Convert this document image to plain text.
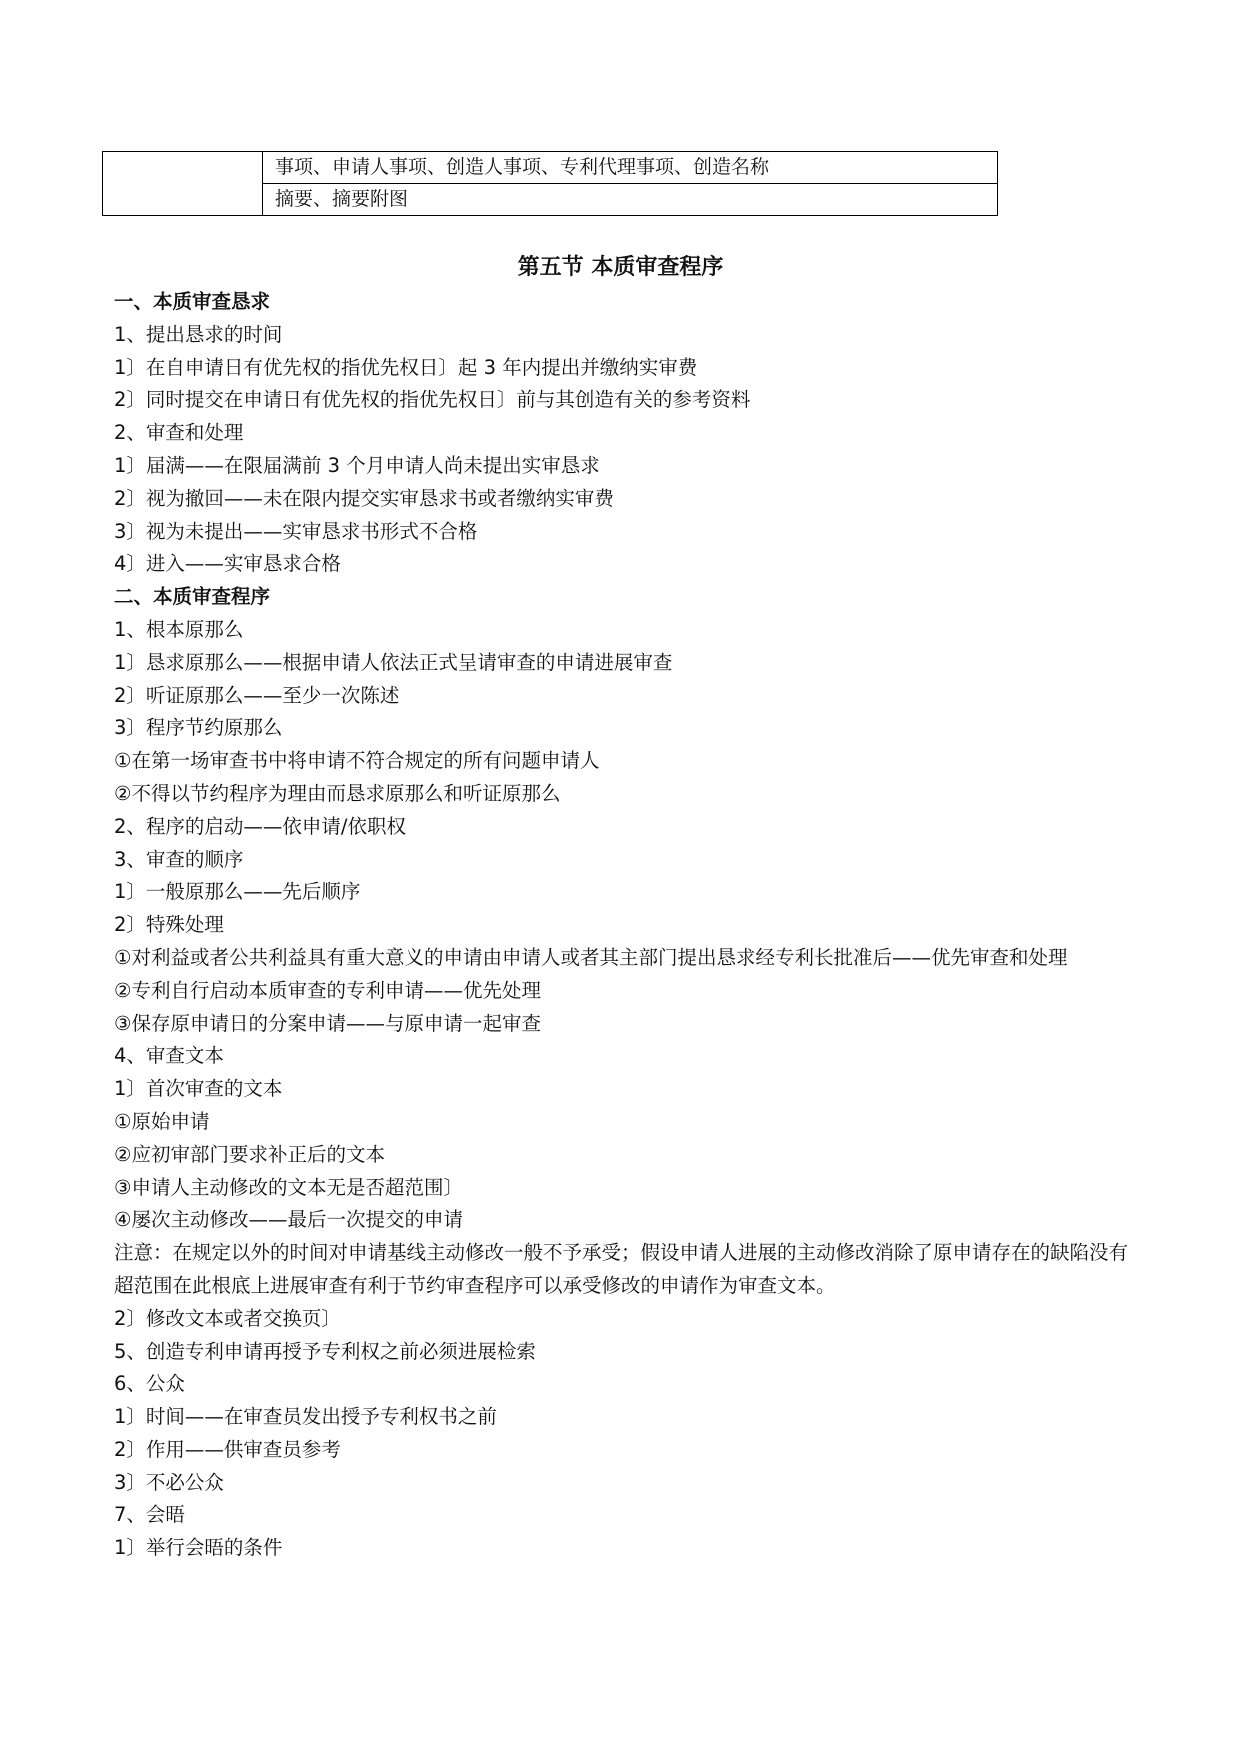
	事项、申请人事项、创造人事项、专利代理事项、创造名称
摘要、摘要附图
第五节 本质审查程序

一、本质审查恳求

1、提出恳求的时间

1〕在自申请日有优先权的指优先权日〕起 3 年内提出并缴纳实审费

2〕同时提交在申请日有优先权的指优先权日〕前与其创造有关的参考资料

2、审查和处理

1〕届满——在限届满前 3 个月申请人尚未提出实审恳求

2〕视为撤回——未在限内提交实审恳求书或者缴纳实审费

3〕视为未提出——实审恳求书形式不合格

4〕进入——实审恳求合格

二、本质审查程序

1、根本原那么

1〕恳求原那么——根据申请人依法正式呈请审查的申请进展审查

2〕听证原那么——至少一次陈述

3〕程序节约原那么

①在第一场审查书中将申请不符合规定的所有问题申请人

②不得以节约程序为理由而恳求原那么和听证原那么

2、程序的启动——依申请/依职权

3、审查的顺序

1〕一般原那么——先后顺序

2〕特殊处理

①对利益或者公共利益具有重大意义的申请由申请人或者其主部门提出恳求经专利长批准后——优先审查和处理

②专利自行启动本质审查的专利申请——优先处理

③保存原申请日的分案申请——与原申请一起审查

4、审查文本

1〕首次审查的文本

①原始申请

②应初审部门要求补正后的文本

③申请人主动修改的文本无是否超范围〕

④屡次主动修改——最后一次提交的申请

注意：在规定以外的时间对申请基线主动修改一般不予承受；假设申请人进展的主动修改消除了原申请存在的缺陷没有超范围在此根底上进展审查有利于节约审查程序可以承受修改的申请作为审查文本。

2〕修改文本或者交换页〕

5、创造专利申请再授予专利权之前必须进展检索

6、公众

1〕时间——在审查员发出授予专利权书之前

2〕作用——供审查员参考

3〕不必公众

7、会晤

1〕举行会晤的条件
